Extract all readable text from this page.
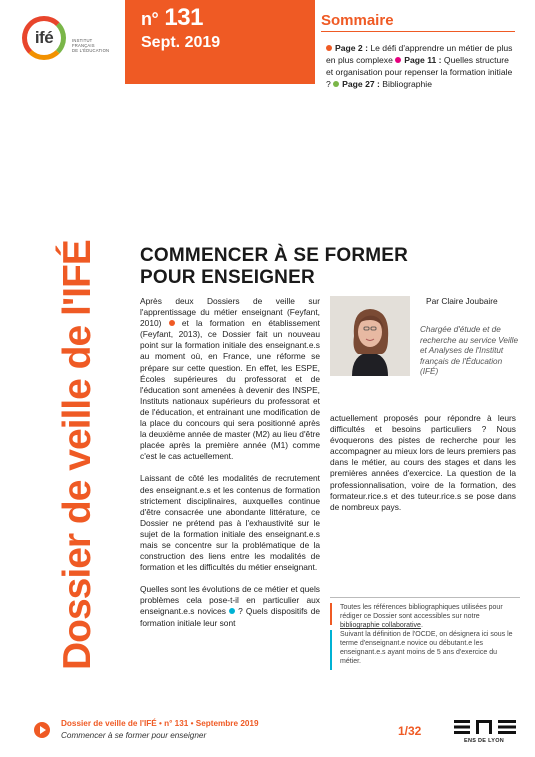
ifé	INSTITUT
FRANÇAIS
DE L'ÉDUCATION
n° 131
Sept. 2019
Sommaire
Page 2 : Le défi d'apprendre un métier de plus en plus complexe Page 11 : Quelles structure et organisation pour repenser la formation initiale ? Page 27 : Bibliographie
Dossier de veille de l'IFÉ COMMENCER À SE FORMER
POUR ENSEIGNER

Après deux Dossiers de veille sur l'apprentissage du métier enseignant (Feyfant, 2010)  et la formation en établissement (Feyfant, 2013), ce Dossier fait un nouveau point sur la formation initiale des enseignant.e.s au moment où, en France, une réforme se prépare sur cette question. En effet, les ESPE, Écoles supérieures du professorat et de l'éducation sont amenées à devenir des INSPE, Instituts nationaux supérieurs du professorat et de l'éducation, et entrainant une modification de la place du concours qui sera positionné après la deuxième année de master (M2) au lieu d'être placée après la première année (M1) comme c'est le cas actuellement.

Laissant de côté les modalités de recrutement des enseignant.e.s et les contenus de formation strictement disciplinaires, auxquelles continue d'être consacrée une abondante littérature, ce Dossier ne prétend pas à l'exhaustivité sur le sujet de la formation initiale des enseignant.e.s mais se concentre sur la problématique de la construction des liens entre les modalités de formation et les difficultés du métier enseignant.

Quelles sont les évolutions de ce métier et quels problèmes cela pose-t-il en particulier aux enseignant.e.s novices  ? Quels dispositifs de formation initiale leur sont

Par Claire Joubaire
Chargée d'étude et de recherche au service Veille et Analyses de l'Institut français de l'Éducation (IFÉ)

actuellement proposés pour répondre à leurs difficultés et besoins particuliers ? Nous évoquerons des pistes de recherche pour les accompagner au mieux lors de leurs premiers pas dans le métier, au cours des stages et dans les premières années d'exercice. La question de la professionnalisation, voire de la formation, des formateur.rice.s et des tuteur.rice.s se pose dans de nombreux pays.

Toutes les références bibliographiques utilisées pour rédiger ce Dossier sont accessibles sur notre bibliographie collaborative.
Suivant la définition de l'OCDE, on désignera ici sous le terme d'enseignant.e novice ou débutant.e les enseignant.e.s ayant moins de 5 ans d'exercice du métier.
Dossier de veille de l'IFÉ • n° 131 • Septembre 2019
Commencer à se former pour enseigner	1/32
ENS DE LYON
